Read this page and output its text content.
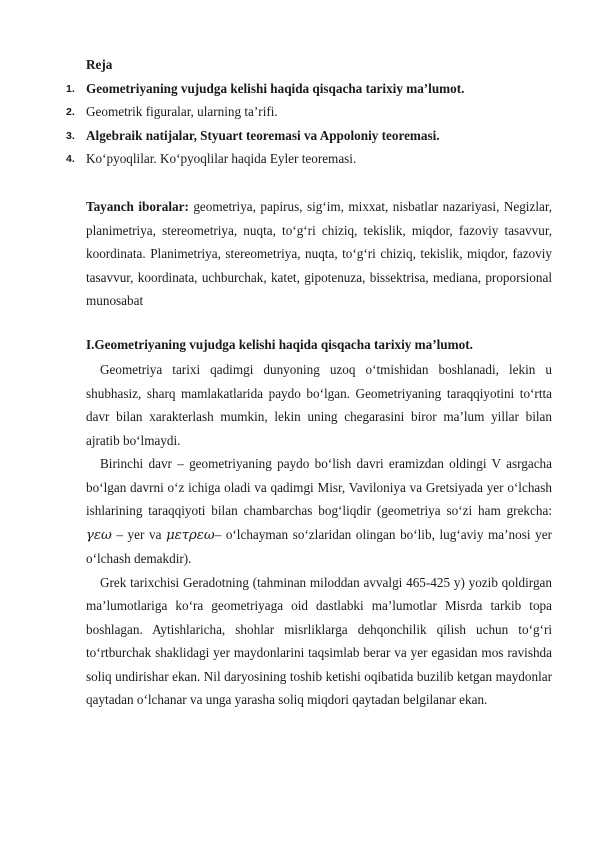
Reja
1. Geometriyaning vujudga kelishi haqida qisqacha tarixiy ma’lumot.
2. Geometrik figuralar, ularning ta’rifi.
3. Algebraik natijalar, Styuart teoremasi va Appoloniy teoremasi.
4. Ko‘pyoqlilar. Ko‘pyoqlilar haqida Eyler teoremasi.

Tayanch iboralar: geometriya, papirus, sig‘im, mixxat, nisbatlar nazariyasi, Negizlar, planimetriya, stereometriya, nuqta, to‘g‘ri chiziq, tekislik, miqdor, fazoviy tasavvur, koordinata. Planimetriya, stereometriya, nuqta, to‘g‘ri chiziq, tekislik, miqdor, fazoviy tasavvur, koordinata, uchburchak, katet, gipotenuza, bissektrisa, mediana, proporsional munosabat

I.Geometriyaning vujudga kelishi haqida qisqacha tarixiy ma’lumot.

Geometriya tarixi qadimgi dunyoning uzoq o‘tmishidan boshlanadi, lekin u shubhasiz, sharq mamlakatlarida paydo bo‘lgan. Geometriyaning taraqqiyotini to‘rtta davr bilan xarakterlash mumkin, lekin uning chegarasini biror ma’lum yillar bilan ajratib bo‘lmaydi.

Birinchi davr – geometriyaning paydo bo‘lish davri eramizdan oldingi V asrgacha bo‘lgan davrni o‘z ichiga oladi va qadimgi Misr, Vaviloniya va Gretsiyada yer o‘lchash ishlarining taraqqiyoti bilan chambarchas bog‘liqdir (geometriya so‘zi ham grekcha: γεω – yer va μετρεω– o‘lchayman so‘zlaridan olingan bo‘lib, lug‘aviy ma’nosi yer o‘lchash demakdir).

Grek tarixchisi Geradotning (tahminan miloddan avvalgi 465-425 y) yozib qoldirgan ma’lumotlariga ko‘ra geometriyaga oid dastlabki ma’lumotlar Misrda tarkib topa boshlagan. Aytishlaricha, shohlar misrliklarga dehqonchilik qilish uchun to‘g‘ri to‘rtburchak shaklidagi yer maydonlarini taqsimlab berar va yer egasidan mos ravishda soliq undirishar ekan. Nil daryosining toshib ketishi oqibatida buzilib ketgan maydonlar qaytadan o‘lchanar va unga yarasha soliq miqdori qaytadan belgilanar ekan.
